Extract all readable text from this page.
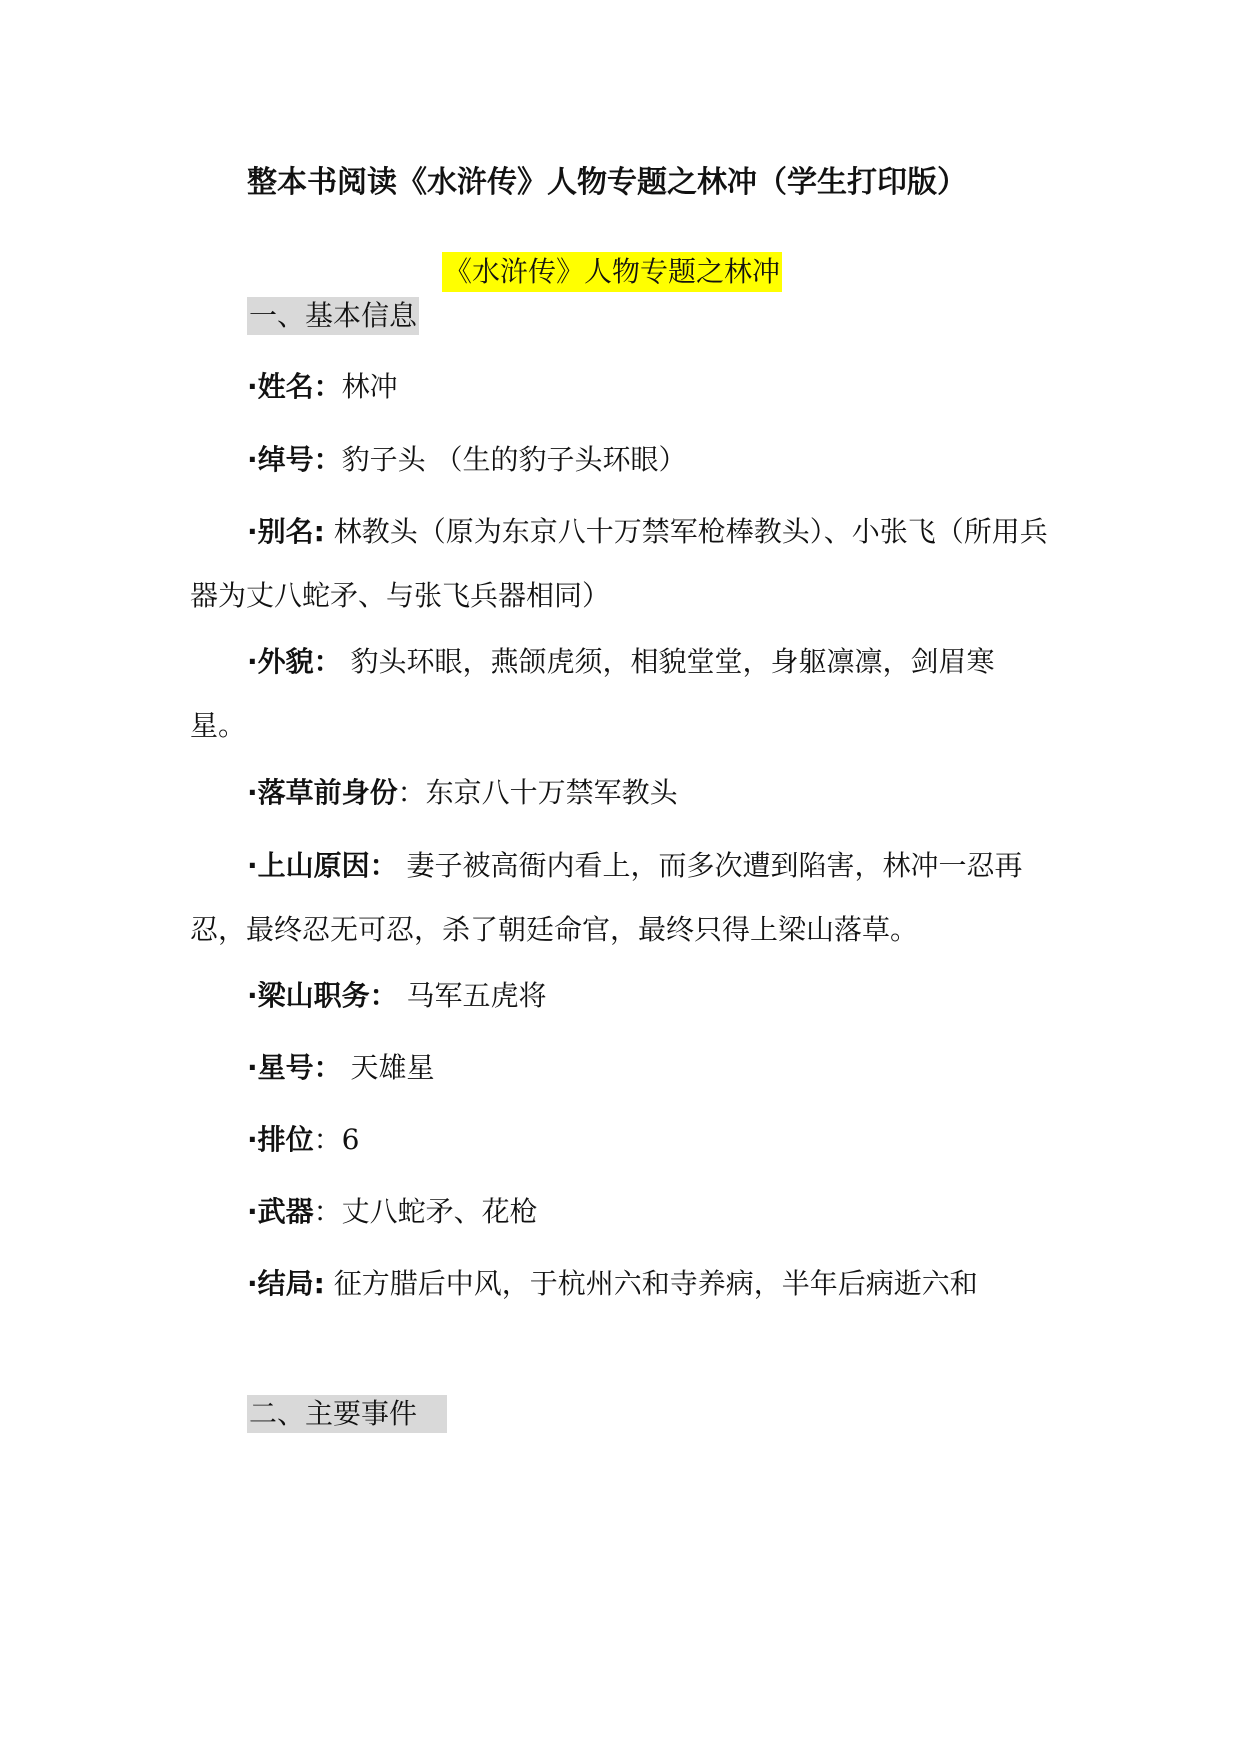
整本书阅读《水浒传》人物专题之林冲（学生打印版）
《水浒传》人物专题之林冲
一、基本信息

·姓名：林冲

·绰号：豹子头 （生的豹子头环眼）

·别名: 林教头（原为东京八十万禁军枪棒教头）、小张飞（所用兵器为丈八蛇矛、与张飞兵器相同）

·外貌： 豹头环眼，燕颌虎须，相貌堂堂，身躯凛凛，剑眉寒星。

·落草前身份：东京八十万禁军教头

·上山原因： 妻子被高衙内看上，而多次遭到陷害，林冲一忍再忍，最终忍无可忍，杀了朝廷命官，最终只得上梁山落草。

·梁山职务： 马军五虎将

·星号： 天雄星

·排位：6

·武器：丈八蛇矛、花枪

·结局: 征方腊后中风，于杭州六和寺养病，半年后病逝六和

二、主要事件
